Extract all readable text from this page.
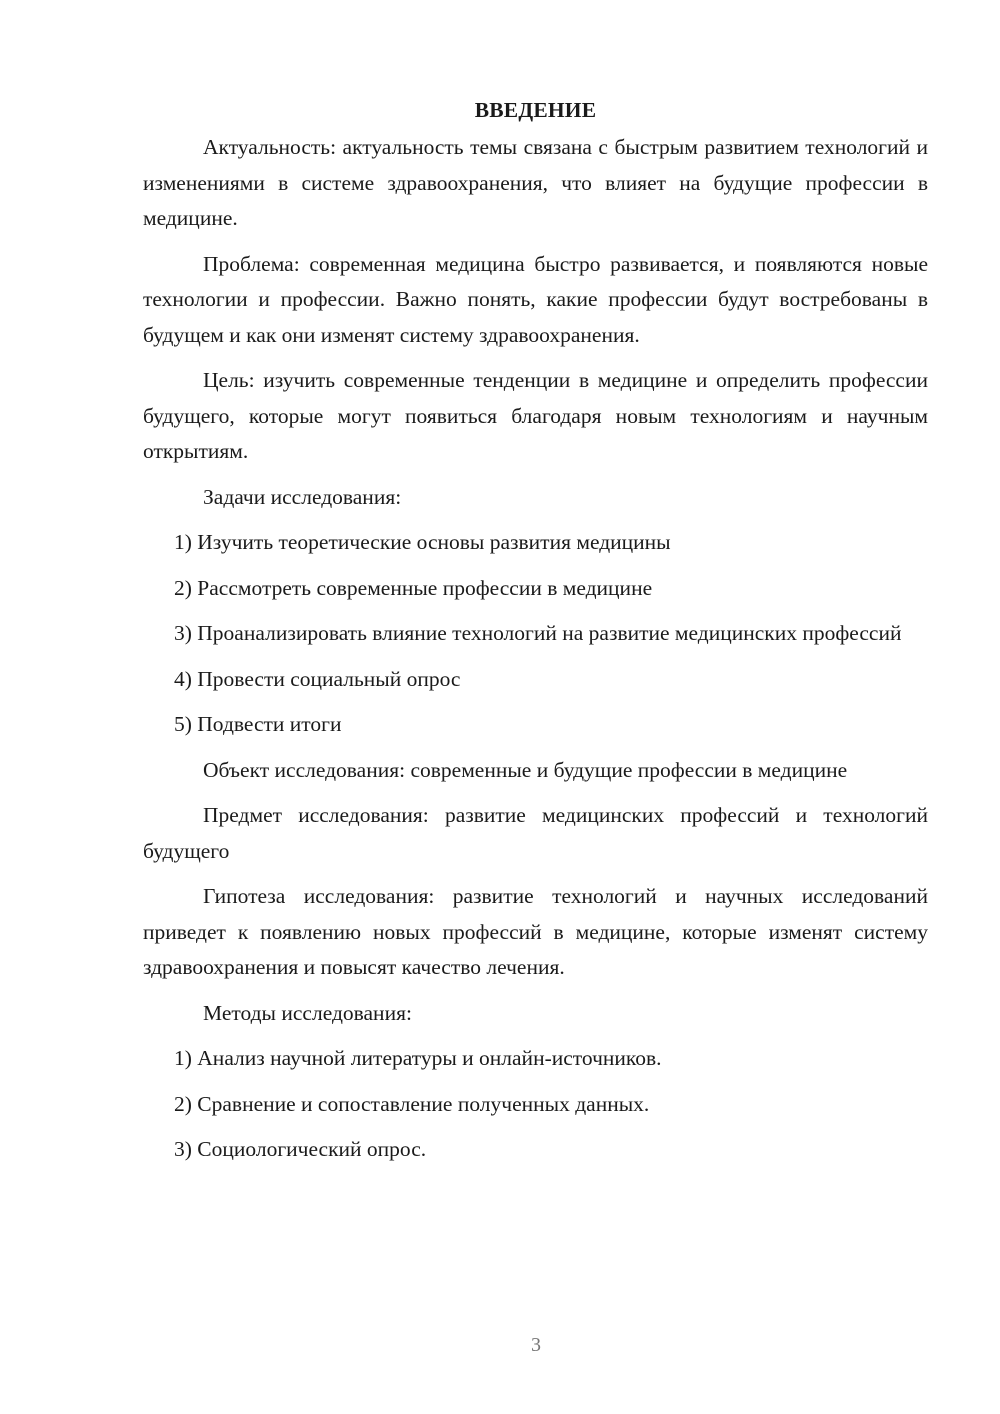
ВВЕДЕНИЕ

Актуальность: актуальность темы связана с быстрым развитием технологий и изменениями в системе здравоохранения, что влияет на будущие профессии в медицине.

Проблема: современная медицина быстро развивается, и появляются новые технологии и профессии. Важно понять, какие профессии будут востребованы в будущем и как они изменят систему здравоохранения.

Цель: изучить современные тенденции в медицине и определить профессии будущего, которые могут появиться благодаря новым технологиям и научным открытиям.

Задачи исследования:

1) Изучить теоретические основы развития медицины

2) Рассмотреть современные профессии в медицине

3) Проанализировать влияние технологий на развитие медицинских профессий

4) Провести социальный опрос

5) Подвести итоги

Объект исследования: современные и будущие профессии в медицине

Предмет исследования: развитие медицинских профессий и технологий будущего

Гипотеза исследования: развитие технологий и научных исследований приведет к появлению новых профессий в медицине, которые изменят систему здравоохранения и повысят качество лечения.

Методы исследования:

1) Анализ научной литературы и онлайн-источников.

2) Сравнение и сопоставление полученных данных.

3) Социологический опрос.

3
